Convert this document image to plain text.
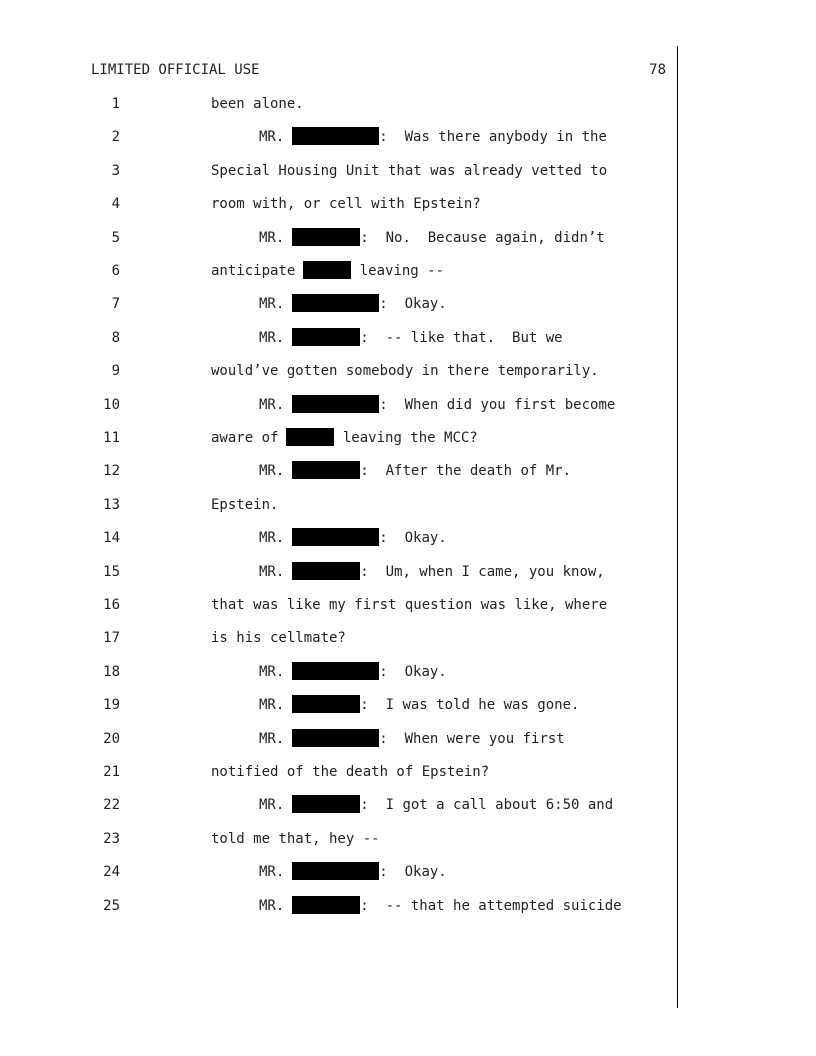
LIMITED OFFICIAL USE	78
1	been alone.
2	MR.	:  Was there anybody in the
3	Special Housing Unit that was already vetted to
4	room with, or cell with Epstein?
5	MR.	:  No.  Because again, didn’t
6	anticipate	leaving --
7	MR.	:  Okay.
8	MR.	:  -- like that.  But we
9	would’ve gotten somebody in there temporarily.
10	MR.	:  When did you first become
11	aware of	leaving the MCC?
12	MR.	:  After the death of Mr.
13	Epstein.
14	MR.	:  Okay.
15	MR.	:  Um, when I came, you know,
16	that was like my first question was like, where
17	is his cellmate?
18	MR.	:  Okay.
19	MR.	:  I was told he was gone.
20	MR.	:  When were you first
21	notified of the death of Epstein?
22	MR.	:  I got a call about 6:50 and
23	told me that, hey --
24	MR.	:  Okay.
25	MR.	:  -- that he attempted suicide
